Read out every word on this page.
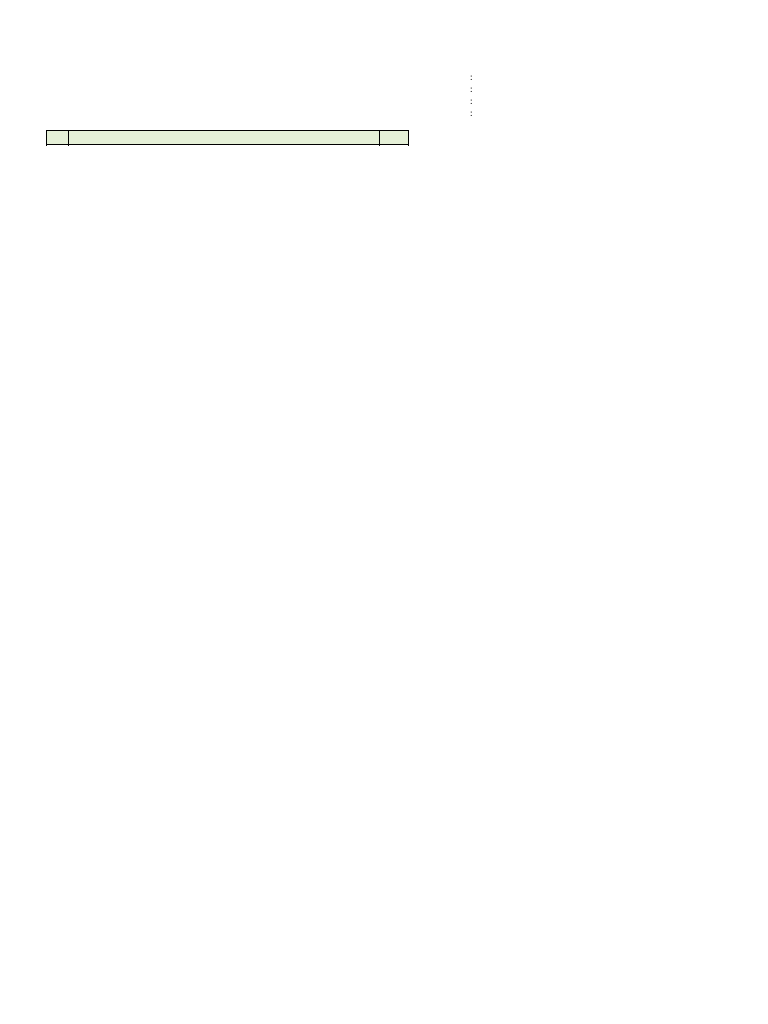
:
:
:
:
